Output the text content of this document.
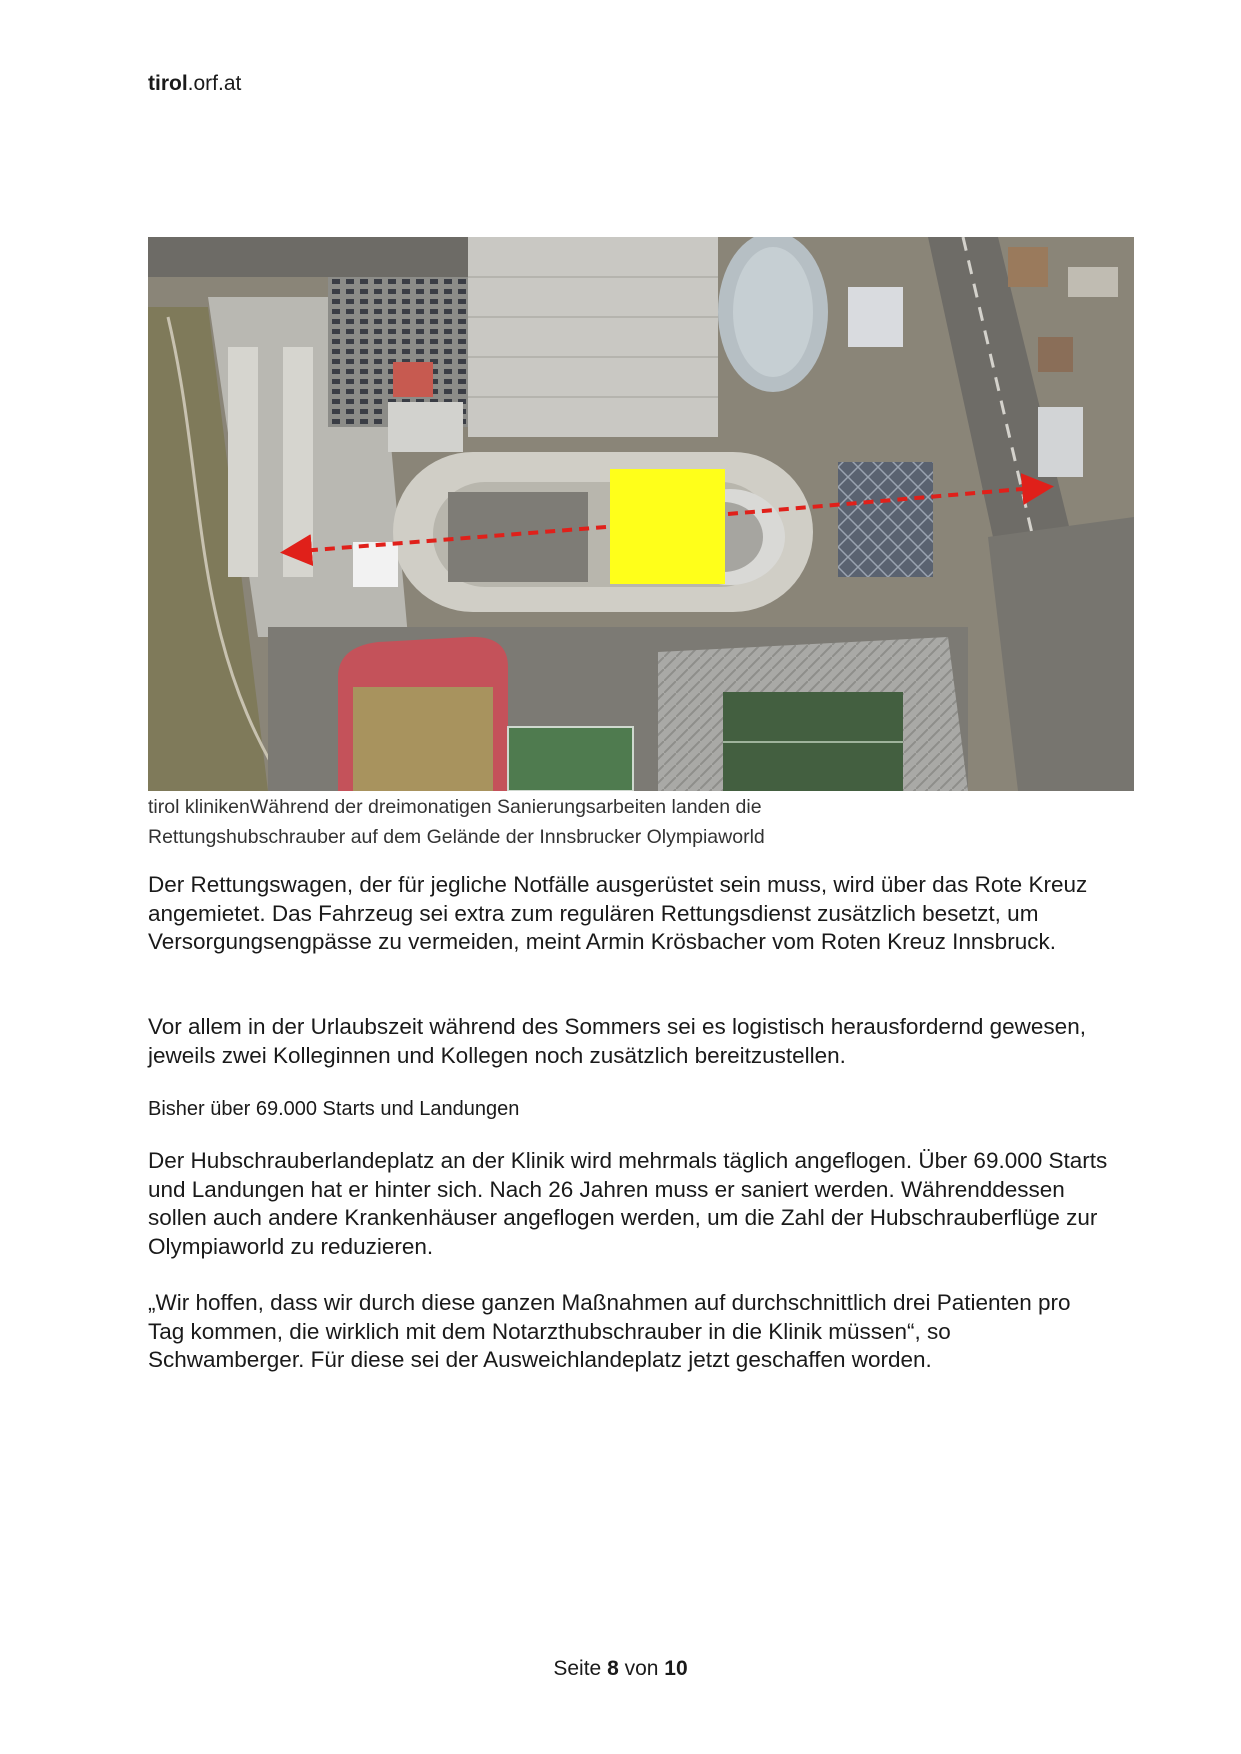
tirol.orf.at
tirol klinikenWährend der dreimonatigen Sanierungsarbeiten landen die
Rettungshubschrauber auf dem Gelände der Innsbrucker Olympiaworld

Der Rettungswagen, der für jegliche Notfälle ausgerüstet sein muss, wird über das Rote Kreuz angemietet. Das Fahrzeug sei extra zum regulären Rettungsdienst zusätzlich besetzt, um Versorgungsengpässe zu vermeiden, meint Armin Krösbacher vom Roten Kreuz Innsbruck.

Vor allem in der Urlaubszeit während des Sommers sei es logistisch herausfordernd gewesen, jeweils zwei Kolleginnen und Kollegen noch zusätzlich bereitzustellen.

Bisher über 69.000 Starts und Landungen

Der Hubschrauberlandeplatz an der Klinik wird mehrmals täglich angeflogen. Über 69.000 Starts und Landungen hat er hinter sich. Nach 26 Jahren muss er saniert werden. Währenddessen sollen auch andere Krankenhäuser angeflogen werden, um die Zahl der Hubschrauberflüge zur Olympiaworld zu reduzieren.

„Wir hoffen, dass wir durch diese ganzen Maßnahmen auf durchschnittlich drei Patienten pro Tag kommen, die wirklich mit dem Notarzthubschrauber in die Klinik müssen“, so Schwamberger. Für diese sei der Ausweichlandeplatz jetzt geschaffen worden.

Seite 8 von 10
